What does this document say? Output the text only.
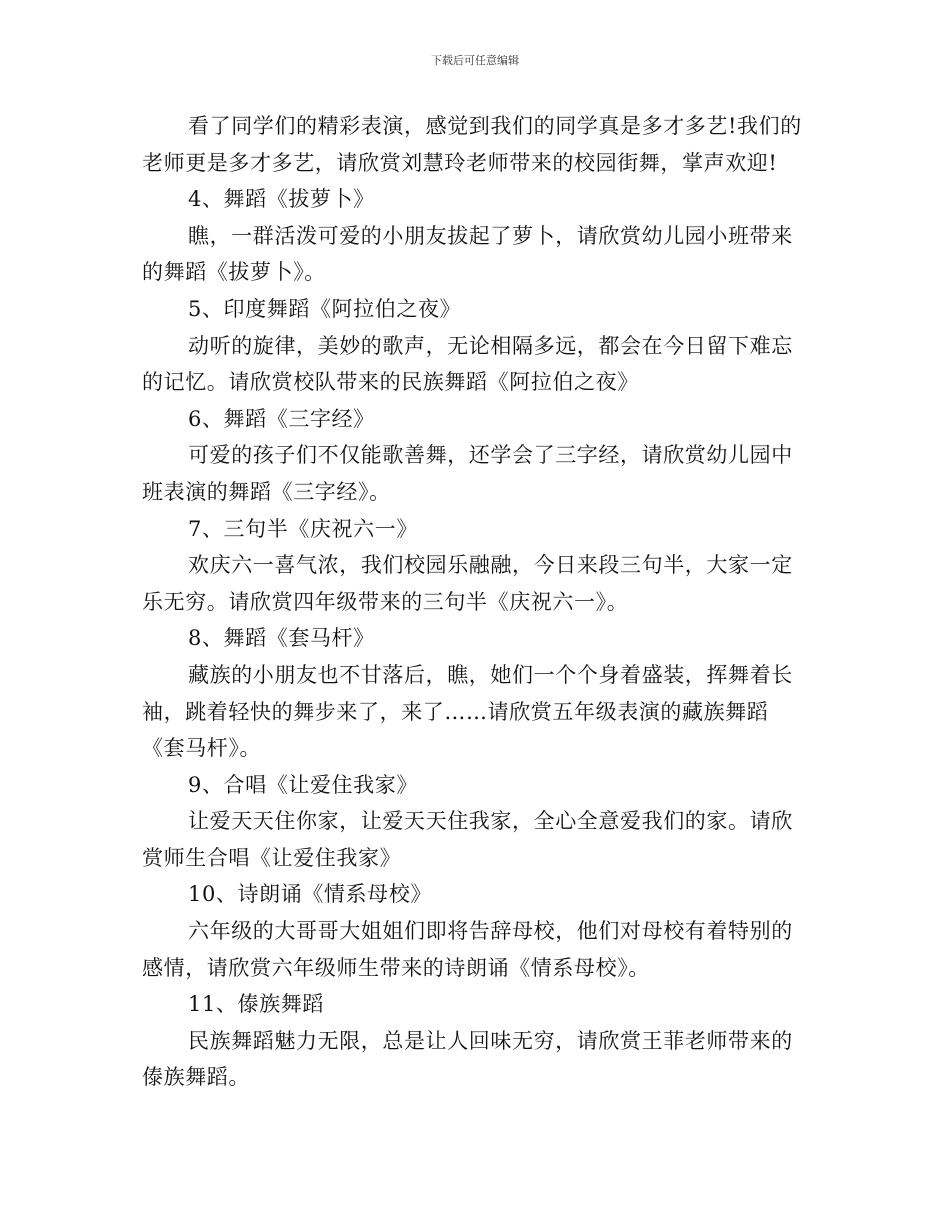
下载后可任意编辑
看了同学们的精彩表演，感觉到我们的同学真是多才多艺!我们的
老师更是多才多艺，请欣赏刘慧玲老师带来的校园街舞，掌声欢迎!
4、舞蹈《拔萝卜》
瞧，一群活泼可爱的小朋友拔起了萝卜，请欣赏幼儿园小班带来
的舞蹈《拔萝卜》。
5、印度舞蹈《阿拉伯之夜》
动听的旋律，美妙的歌声，无论相隔多远，都会在今日留下难忘
的记忆。请欣赏校队带来的民族舞蹈《阿拉伯之夜》
6、舞蹈《三字经》
可爱的孩子们不仅能歌善舞，还学会了三字经，请欣赏幼儿园中
班表演的舞蹈《三字经》。
7、三句半《庆祝六一》
欢庆六一喜气浓，我们校园乐融融，今日来段三句半，大家一定
乐无穷。请欣赏四年级带来的三句半《庆祝六一》。
8、舞蹈《套马杆》
藏族的小朋友也不甘落后，瞧，她们一个个身着盛装，挥舞着长
袖，跳着轻快的舞步来了，来了……请欣赏五年级表演的藏族舞蹈
《套马杆》。
9、合唱《让爱住我家》
让爱天天住你家，让爱天天住我家，全心全意爱我们的家。请欣
赏师生合唱《让爱住我家》
10、诗朗诵《情系母校》
六年级的大哥哥大姐姐们即将告辞母校，他们对母校有着特别的
感情，请欣赏六年级师生带来的诗朗诵《情系母校》。
11、傣族舞蹈
民族舞蹈魅力无限，总是让人回味无穷，请欣赏王菲老师带来的
傣族舞蹈。
